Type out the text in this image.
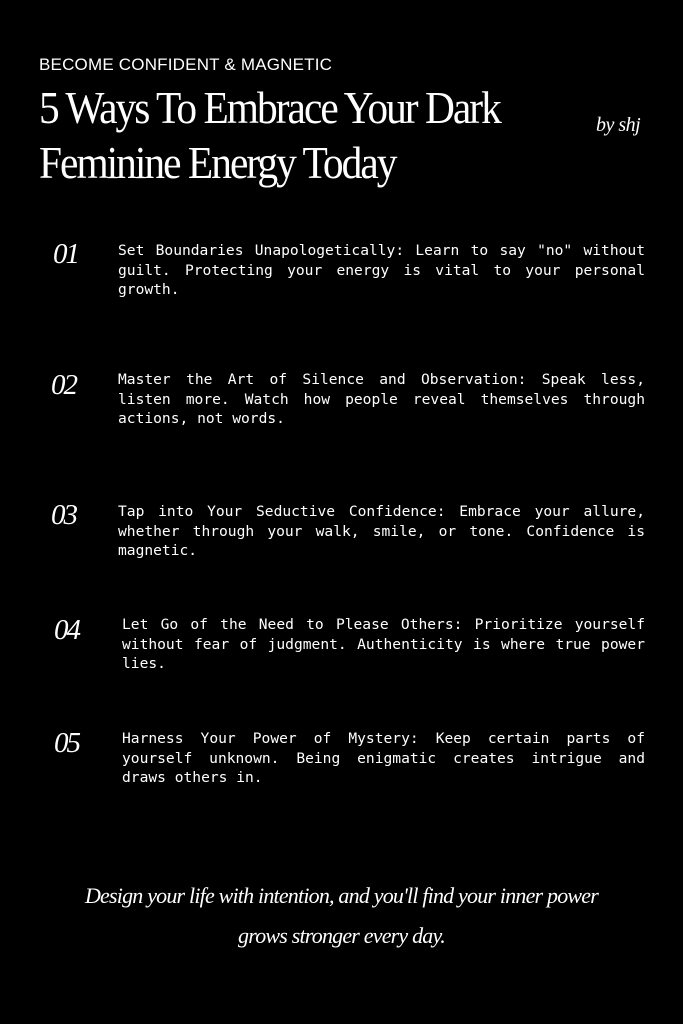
BECOME CONFIDENT & MAGNETIC
5 Ways To Embrace Your Dark Feminine Energy Today
by shj
01	Set Boundaries Unapologetically: Learn to say "no" without guilt. Protecting your energy is vital to your personal growth.
02	Master the Art of Silence and Observation: Speak less, listen more. Watch how people reveal themselves through actions, not words.
03	Tap into Your Seductive Confidence: Embrace your allure, whether through your walk, smile, or tone. Confidence is magnetic.
04	Let Go of the Need to Please Others: Prioritize yourself without fear of judgment. Authenticity is where true power lies.
05	Harness Your Power of Mystery: Keep certain parts of yourself unknown. Being enigmatic creates intrigue and draws others in.
Design your life with intention, and you'll find your inner power grows stronger every day.
